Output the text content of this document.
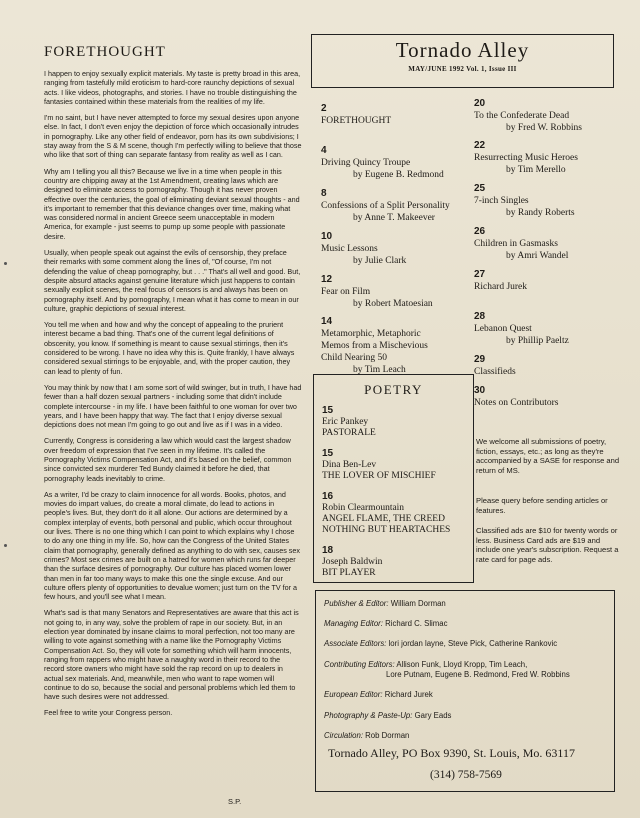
FORETHOUGHT

I happen to enjoy sexually explicit materials. My taste is pretty broad in this area, ranging from tastefully mild eroticism to hard-core raunchy depictions of sexual acts. I like videos, photographs, and stories. I have no trouble distinguishing the fantasies contained within these materials from the realities of my life.

I'm no saint, but I have never attempted to force my sexual desires upon anyone else. In fact, I don't even enjoy the depiction of force which occasionally intrudes in pornography. Like any other field of endeavor, porn has its own subdivisions; I stay away from the S & M scene, though I'm perfectly willing to believe that those who like that sort of thing can separate fantasy from reality as well as I can.

Why am I telling you all this? Because we live in a time when people in this country are chipping away at the 1st Amendment, creating laws which are designed to eliminate access to pornography. Though it has never proven effective over the centuries, the goal of eliminating deviant sexual thoughts - and it's important to remember that this deviance changes over time, making what was considered normal in ancient Greece seem unacceptable in modern America, for example - just seems to pump up some people with passionate desire.

Usually, when people speak out against the evils of censorship, they preface their remarks with some comment along the lines of, "Of course, I'm not defending the value of cheap pornography, but . . ." That's all well and good. But, despite absurd attacks against genuine literature which just happens to contain sexually explicit scenes, the real focus of censors is and always has been on pornography itself. And by pornography, I mean what it has come to mean in our culture, graphic depictions of sexual interest.

You tell me when and how and why the concept of appealing to the prurient interest became a bad thing. That's one of the current legal definitions of obscenity, you know. If something is meant to cause sexual stirrings, then it's considered to be wrong. I have no idea why this is. Quite frankly, I have always considered sexual stirrings to be enjoyable, and, with the proper caution, they can lead to plenty of fun.

You may think by now that I am some sort of wild swinger, but in truth, I have had fewer than a half dozen sexual partners - including some that didn't include complete intercourse - in my life. I have been faithful to one woman for over two years, and I have been happy that way. The fact that I enjoy diverse sexual depictions does not mean I'm going to go out and live as if I was in a video.

Currently, Congress is considering a law which would cast the largest shadow over freedom of expression that I've seen in my lifetime. It's called the Pornography Victims Compensation Act, and it's based on the belief, common since convicted sex murderer Ted Bundy claimed it before he died, that pornography leads inevitably to crime.

As a writer, I'd be crazy to claim innocence for all words. Books, photos, and movies do impart values, do create a moral climate, do lead to actions in people's lives. But, they don't do it all alone. Our actions are determined by a complex interplay of events, both personal and public, which occur throughout our lives. There is no one thing which I can point to which explains why I chose to do any one thing in my life. So, how can the Congress of the United States claim that pornography, generally defined as anything to do with sex, causes sex crimes? Most sex crimes are built on a hatred for women which runs far deeper than the surface desires of pornography. Our culture has placed women lower than men in far too many ways to make this one the single excuse. And our culture offers plenty of opportunities to devalue women; just turn on the TV for a few hours, and you'll see what I mean.

What's sad is that many Senators and Representatives are aware that this act is not going to, in any way, solve the problem of rape in our society. But, in an election year dominated by insane claims to moral perfection, not too many are willing to vote against something with a name like the Pornography Victims Compensation Act. So, they will vote for something which will harm innocents, ranging from rappers who might have a naughty word in their record to the record store owners who might have sold the rap record on up to dealers in actual sex materials. And, meanwhile, men who want to rape women will continue to do so, because the social and personal problems which led them to have such desires were not addressed.

Feel free to write your Congress person.

S.P.
Tornado Alley
MAY/JUNE 1992 Vol. 1, Issue III
2
FORETHOUGHT
4
Driving Quincy Troupe
by Eugene B. Redmond
8
Confessions of a Split Personality
by Anne T. Makeever
10
Music Lessons
by Julie Clark
12
Fear on Film
by Robert Matoesian
14
Metamorphic, Metaphoric Memos from a Mischevious Child Nearing 50
by Tim Leach
20
To the Confederate Dead
by Fred W. Robbins
22
Resurrecting Music Heroes
by Tim Merello
25
7-inch Singles
by Randy Roberts
26
Children in Gasmasks
by Amri Wandel
27
Richard Jurek
28
Lebanon Quest
by Phillip Paeltz
29
Classifieds
30
Notes on Contributors
POETRY
15
Eric Pankey
PASTORALE
15
Dina Ben-Lev
THE LOVER OF MISCHIEF
16
Robin Clearmountain
ANGEL FLAME, THE CREED
NOTHING BUT HEARTACHES
18
Joseph Baldwin
BIT PLAYER
We welcome all submissions of poetry, fiction, essays, etc.; as long as they're accompanied by a SASE for response and return of MS.
Please query before sending articles or features.
Classified ads are $10 for twenty words or less. Business Card ads are $19 and include one year's subscription. Request a rate card for page ads.
Publisher & Editor: William Dorman
Managing Editor: Richard C. Slimac
Associate Editors: lori jordan layne, Steve Pick, Catherine Rankovic
Contributing Editors: Allison Funk, Lloyd Kropp, Tim Leach,
Lore Putnam, Eugene B. Redmond, Fred W. Robbins
European Editor: Richard Jurek
Photography & Paste-Up: Gary Eads
Circulation: Rob Dorman
Tornado Alley, PO Box 9390, St. Louis, Mo. 63117
(314) 758-7569
